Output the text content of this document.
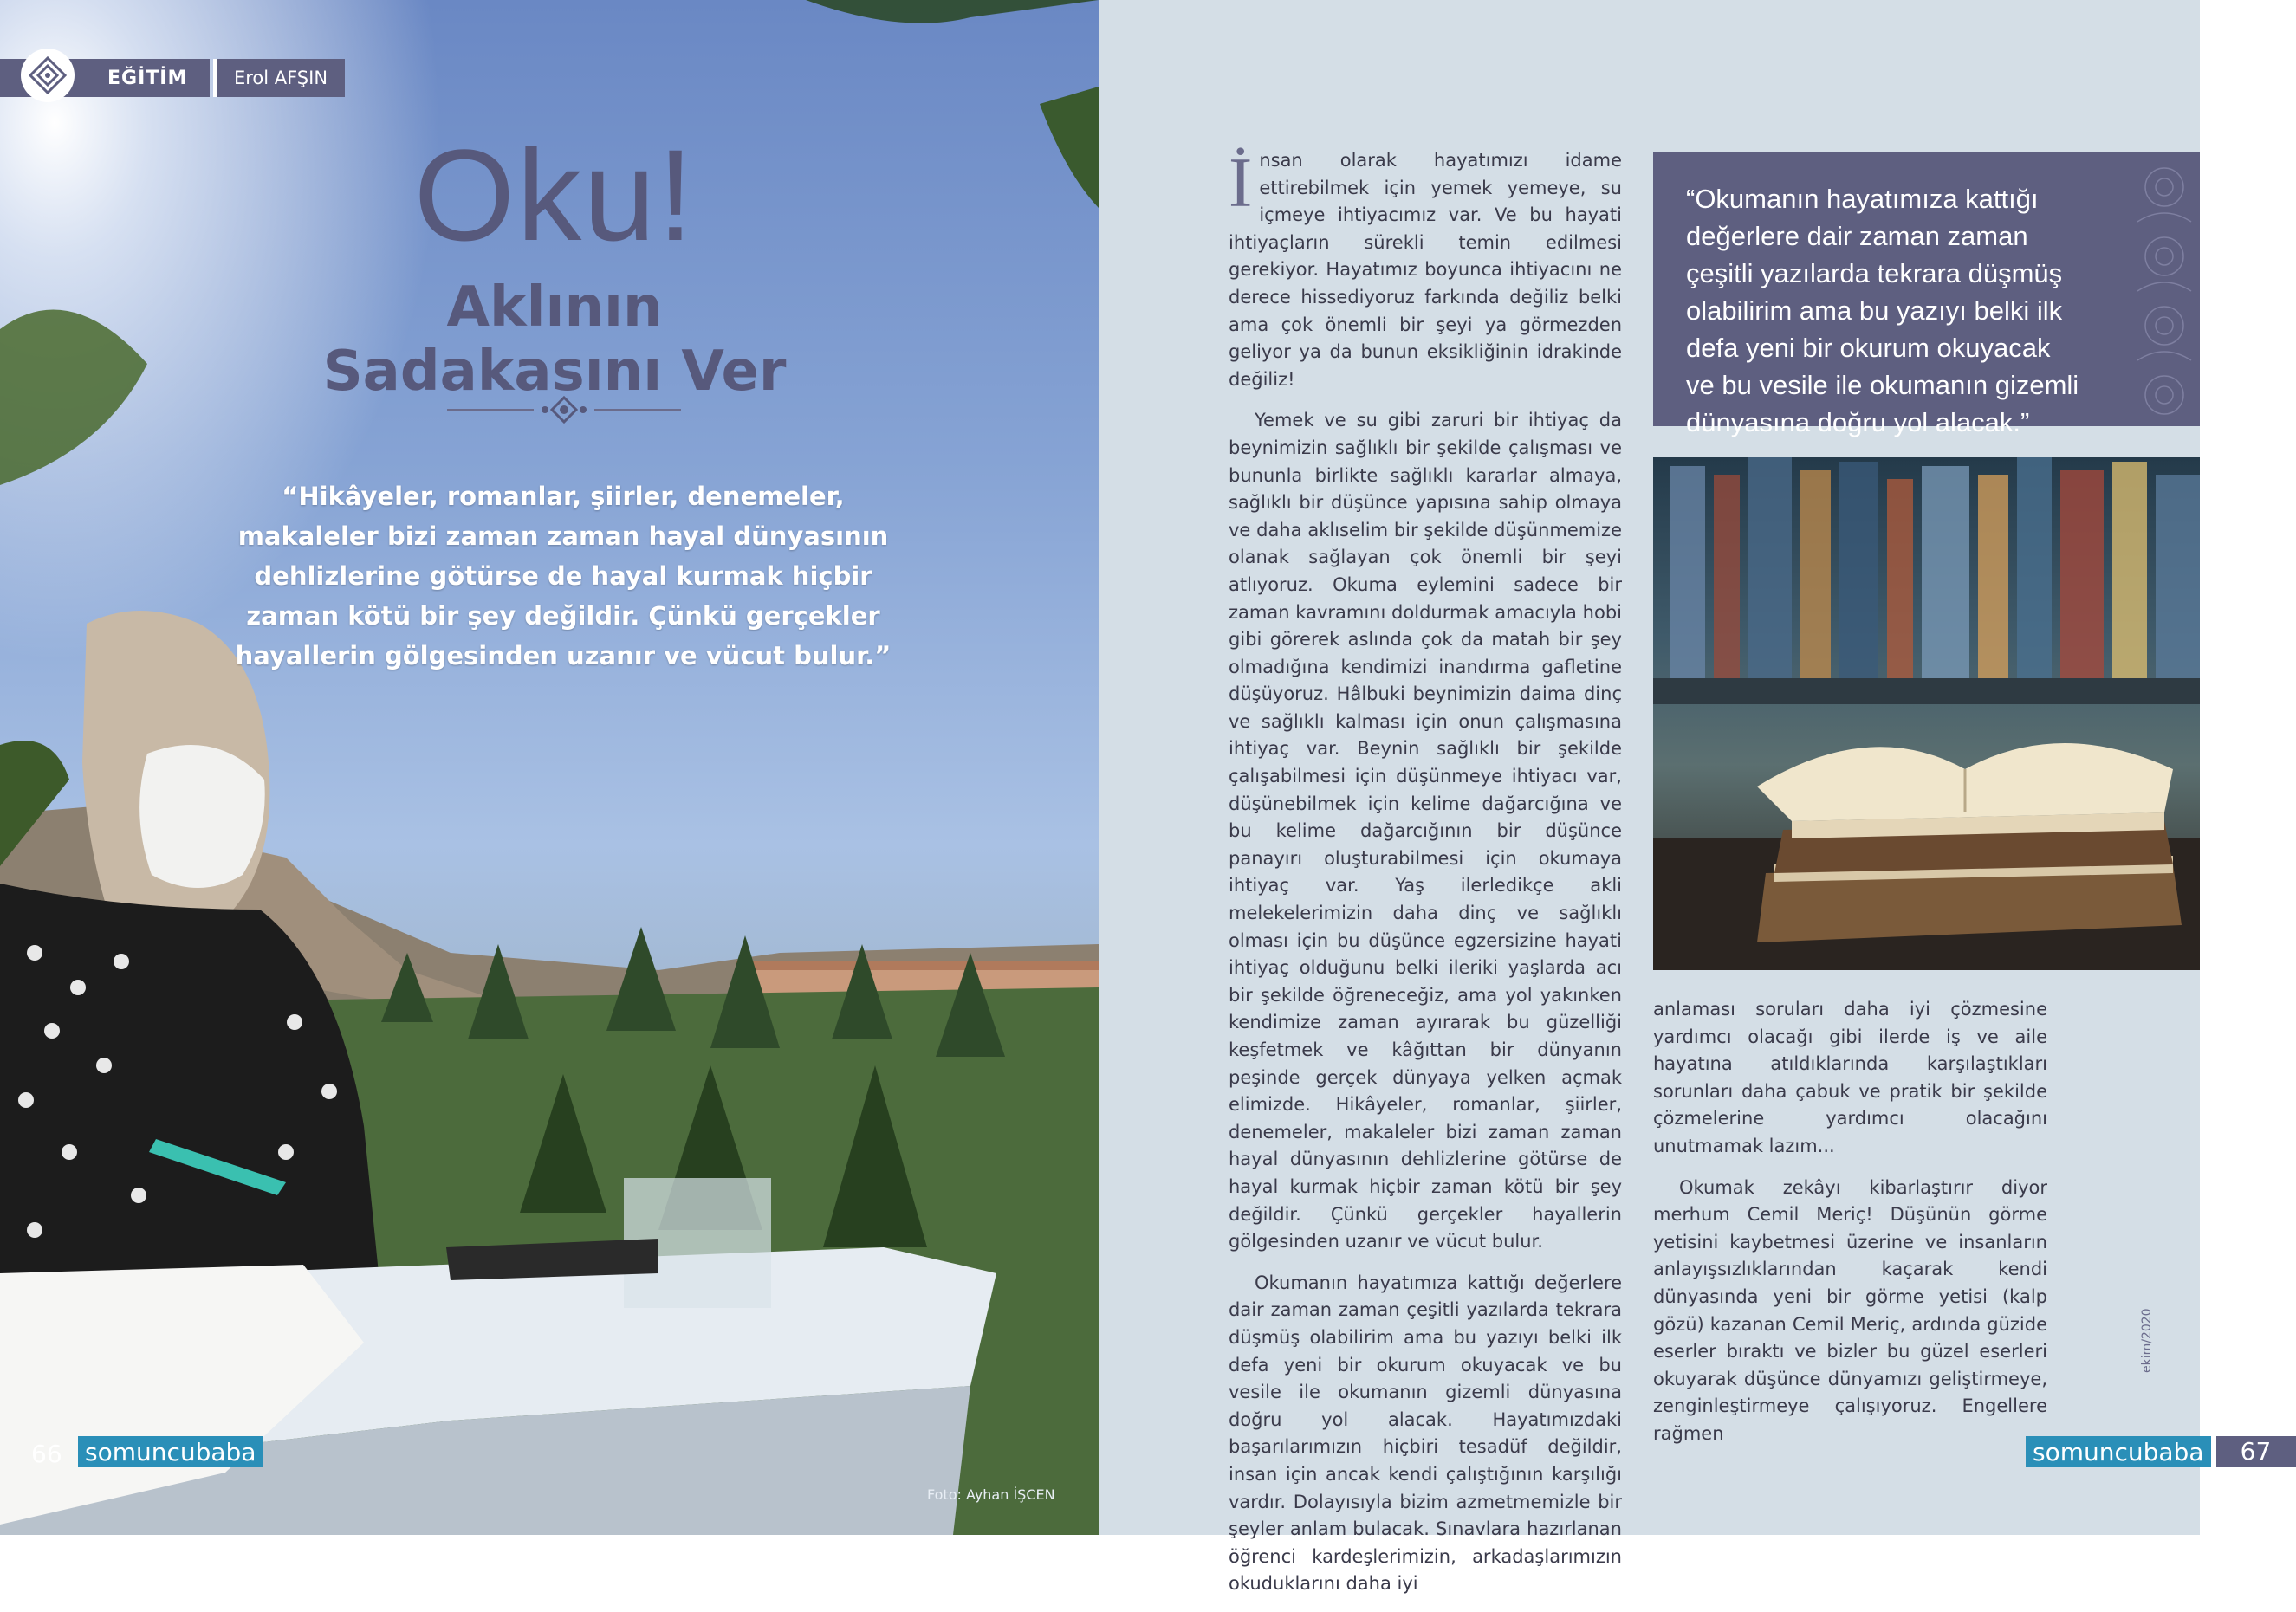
EĞİTİM	Erol AFŞIN
Oku!
Aklının Sadakasını Ver
“Hikâyeler, romanlar, şiirler, denemeler, makaleler bizi zaman zaman hayal dünyasının dehlizlerine götürse de hayal kurmak hiçbir zaman kötü bir şey değildir. Çünkü gerçekler hayallerin gölgesinden uzanır ve vücut bulur.”
66 somuncubaba
Foto: Ayhan İŞCEN

İnsan olarak hayatımızı idame ettirebilmek için yemek yemeye, su içmeye ihtiyacımız var. Ve bu hayati ihtiyaçların sürekli temin edilmesi gerekiyor. Hayatımız boyunca ihtiyacını ne derece hissediyoruz farkında değiliz belki ama çok önemli bir şeyi ya görmezden geliyor ya da bunun eksikliğinin idrakinde değiliz!

Yemek ve su gibi zaruri bir ihtiyaç da beynimizin sağlıklı bir şekilde çalışması ve bununla birlikte sağlıklı kararlar almaya, sağlıklı bir düşünce yapısına sahip olmaya ve daha aklıselim bir şekilde düşünmemize olanak sağlayan çok önemli bir şeyi atlıyoruz. Okuma eylemini sadece bir zaman kavramını doldurmak amacıyla hobi gibi görerek aslında çok da matah bir şey olmadığına kendimizi inandırma gafletine düşüyoruz. Hâlbuki beynimizin daima dinç ve sağlıklı kalması için onun çalışmasına ihtiyaç var. Beynin sağlıklı bir şekilde çalışabilmesi için düşünmeye ihtiyacı var, düşünebilmek için kelime dağarcığına ve bu kelime dağarcığının bir düşünce panayırı oluşturabilmesi için okumaya ihtiyaç var. Yaş ilerledikçe akli melekelerimizin daha dinç ve sağlıklı olması için bu düşünce egzersizine hayati ihtiyaç olduğunu belki ileriki yaşlarda acı bir şekilde öğreneceğiz, ama yol yakınken kendimize zaman ayırarak bu güzelliği keşfetmek ve kâğıttan bir dünyanın peşinde gerçek dünyaya yelken açmak elimizde. Hikâyeler, romanlar, şiirler, denemeler, makaleler bizi zaman zaman hayal dünyasının dehlizlerine götürse de hayal kurmak hiçbir zaman kötü bir şey değildir. Çünkü gerçekler hayallerin gölgesinden uzanır ve vücut bulur.

Okumanın hayatımıza kattığı değerlere dair zaman zaman çeşitli yazılarda tekrara düşmüş olabilirim ama bu yazıyı belki ilk defa yeni bir okurum okuyacak ve bu vesile ile okumanın gizemli dünyasına doğru yol alacak. Hayatımızdaki başarılarımızın hiçbiri tesadüf değildir, insan için ancak kendi çalıştığının karşılığı vardır. Dolayısıyla bizim azmetmemizle bir şeyler anlam bulacak. Sınavlara hazırlanan öğrenci kardeşlerimizin, arkadaşlarımızın okuduklarını daha iyi

“Okumanın hayatımıza kattığı değerlere dair zaman zaman çeşitli yazılarda tekrara düşmüş olabilirim ama bu yazıyı belki ilk defa yeni bir okurum okuyacak ve bu vesile ile okumanın gizemli dünyasına doğru yol alacak.”

anlaması soruları daha iyi çözmesine yardımcı olacağı gibi ilerde iş ve aile hayatına atıldıklarında karşılaştıkları sorunları daha çabuk ve pratik bir şekilde çözmelerine yardımcı olacağını unutmamak lazım...

Okumak zekâyı kibarlaştırır diyor merhum Cemil Meriç! Düşünün görme yetisini kaybetmesi üzerine ve insanların anlayışsızlıklarından kaçarak kendi dünyasında yeni bir görme yetisi (kalp gözü) kazanan Cemil Meriç, ardında güzide eserler bıraktı ve bizler bu güzel eserleri okuyarak düşünce dünyamızı geliştirmeye, zenginleştirmeye çalışıyoruz. Engellere rağmen

ekim/2020
somuncubaba	67
